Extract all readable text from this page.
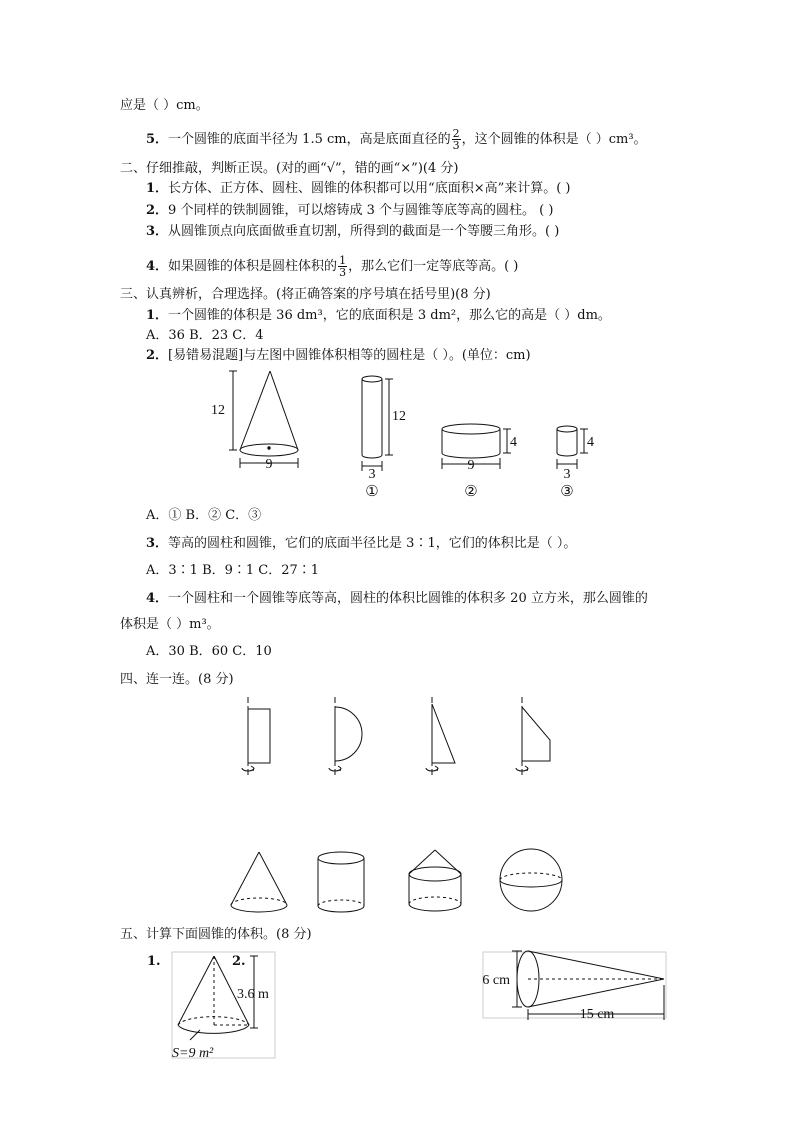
应是（ ）cm。
5．一个圆锥的底面半径为 1.5 cm，高是底面直径的 $\frac{2}{3}$ ，这个圆锥的体积是（ ）cm³。
二、仔细推敲，判断正误。(对的画“√”，错的画“×”)(4 分)
1．长方体、正方体、圆柱、圆锥的体积都可以用“底面积×高”来计算。( )
2．9 个同样的铁制圆锥，可以熔铸成 3 个与圆锥等底等高的圆柱。 ( )
3．从圆锥顶点向底面做垂直切割，所得到的截面是一个等腰三角形。( )
4．如果圆锥的体积是圆柱体积的 $\frac{1}{3}$ ，那么它们一定等底等高。( )
三、认真辨析，合理选择。(将正确答案的序号填在括号里)(8 分)
1．一个圆锥的体积是 36 dm³，它的底面积是 3 dm²，那么它的高是（ ）dm。
A．36 B．23 C．4
2．[易错易混题]与左图中圆锥体积相等的圆柱是（ ）。(单位：cm)
12
9
12
3
①
4
9
②
4
3
③
3.6 m
S=9 m²
6 cm
15 cm
A．① B．② C．③
3．等高的圆柱和圆锥，它们的底面半径比是 3∶1，它们的体积比是（ ）。
A．3∶1 B．9∶1 C．27∶1
4．一个圆柱和一个圆锥等底等高，圆柱的体积比圆锥的体积多 20 立方米，那么圆锥的
体积是（ ）m³。
A．30 B．60 C．10
四、连一连。(8 分)
五、计算下面圆锥的体积。(8 分)
1.	2.
